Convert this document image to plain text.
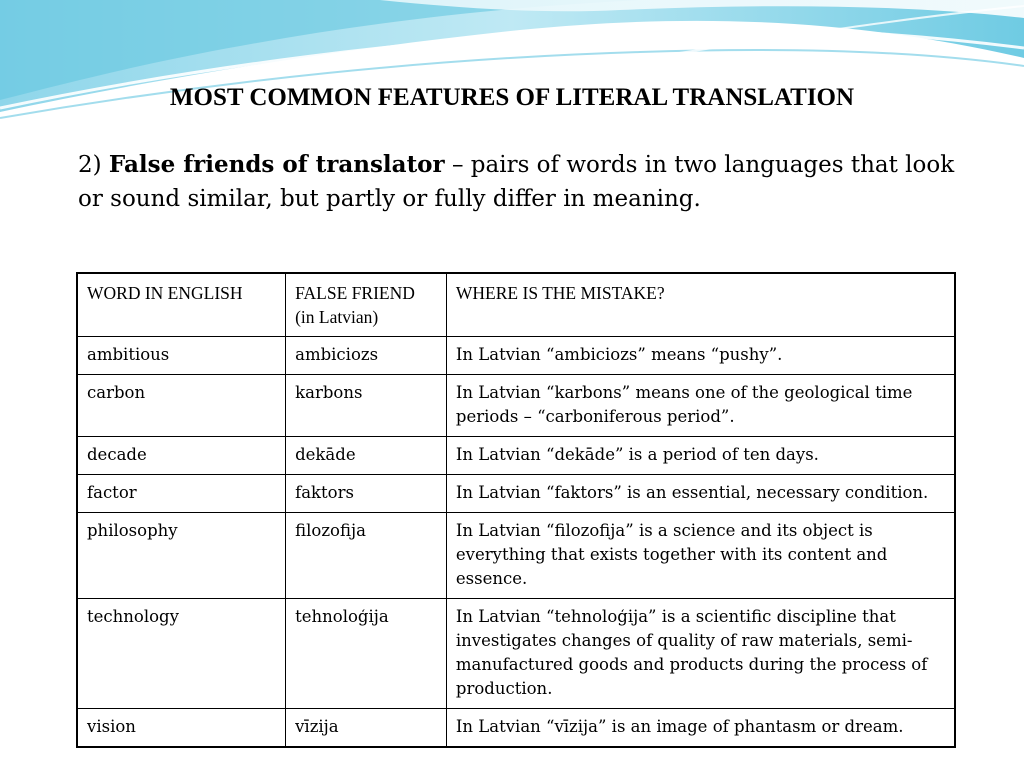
MOST COMMON FEATURES OF LITERAL TRANSLATION
2) False friends of translator – pairs of words in two languages that look or sound similar, but partly or fully differ in meaning.
WORD IN ENGLISH	FALSE FRIEND (in Latvian)	WHERE IS THE MISTAKE?
ambitious	ambiciozs	In Latvian “ambiciozs” means “pushy”.
carbon	karbons	In Latvian “karbons” means one of the geological time periods – “carboniferous period”.
decade	dekāde	In Latvian “dekāde” is a period of ten days.
factor	faktors	In Latvian “faktors” is an essential, necessary condition.
philosophy	filozofija	In Latvian “filozofija” is a science and its object is everything that exists together with its content and essence.
technology	tehnoloģija	In Latvian “tehnoloģija” is a scientific discipline that investigates changes of quality of raw materials, semi-manufactured goods and products during the process of production.
vision	vīzija	In Latvian “vīzija” is an image of phantasm or dream.
